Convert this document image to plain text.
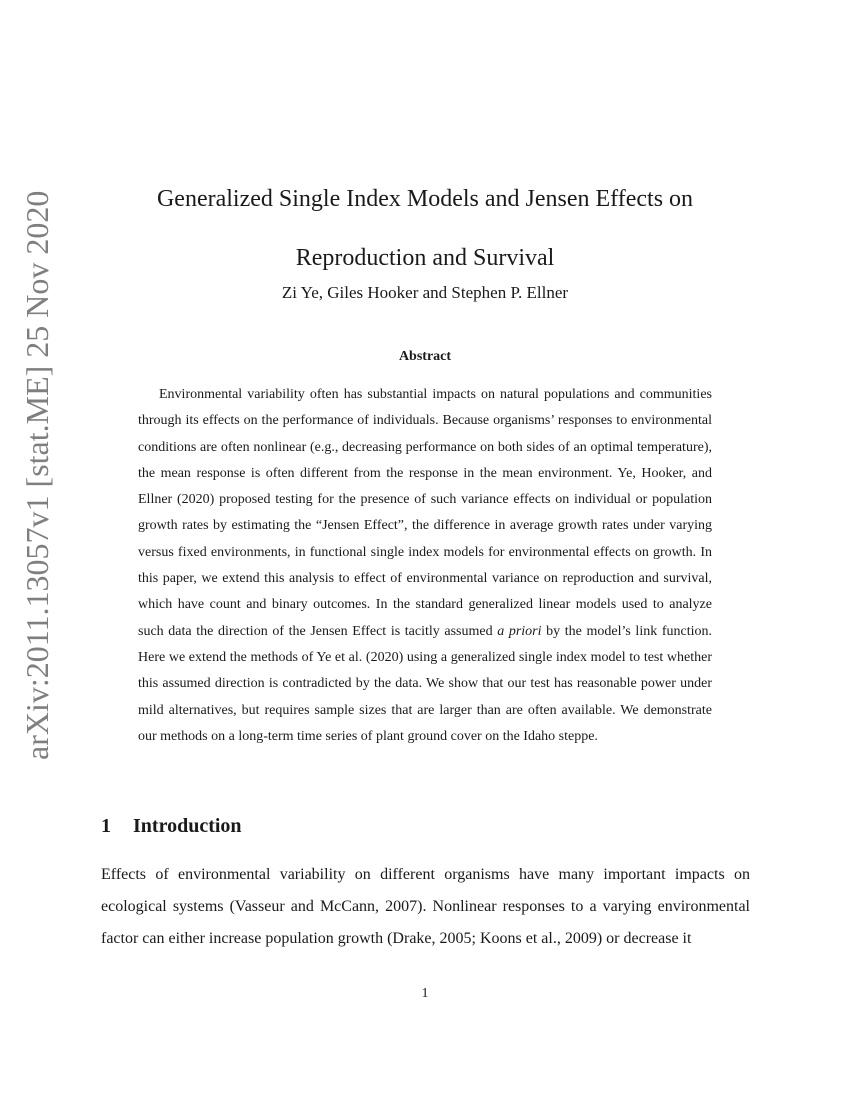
arXiv:2011.13057v1 [stat.ME] 25 Nov 2020	Generalized Single Index Models and Jensen Effects on Reproduction and Survival
Zi Ye, Giles Hooker and Stephen P. Ellner
Abstract

Environmental variability often has substantial impacts on natural populations and communities through its effects on the performance of individuals. Because organisms’ responses to environmental conditions are often nonlinear (e.g., decreasing performance on both sides of an optimal temperature), the mean response is often different from the response in the mean environment. Ye, Hooker, and Ellner (2020) proposed testing for the presence of such variance effects on individual or population growth rates by estimating the “Jensen Effect”, the difference in average growth rates under varying versus fixed environments, in functional single index models for environmental effects on growth. In this paper, we extend this analysis to effect of environmental variance on reproduction and survival, which have count and binary outcomes. In the standard generalized linear models used to analyze such data the direction of the Jensen Effect is tacitly assumed a priori by the model’s link function. Here we extend the methods of Ye et al. (2020) using a generalized single index model to test whether this assumed direction is contradicted by the data. We show that our test has reasonable power under mild alternatives, but requires sample sizes that are larger than are often available. We demonstrate our methods on a long-term time series of plant ground cover on the Idaho steppe.

1 Introduction

Effects of environmental variability on different organisms have many important impacts on ecological systems (Vasseur and McCann, 2007). Nonlinear responses to a varying environmental factor can either increase population growth (Drake, 2005; Koons et al., 2009) or decrease it

1
